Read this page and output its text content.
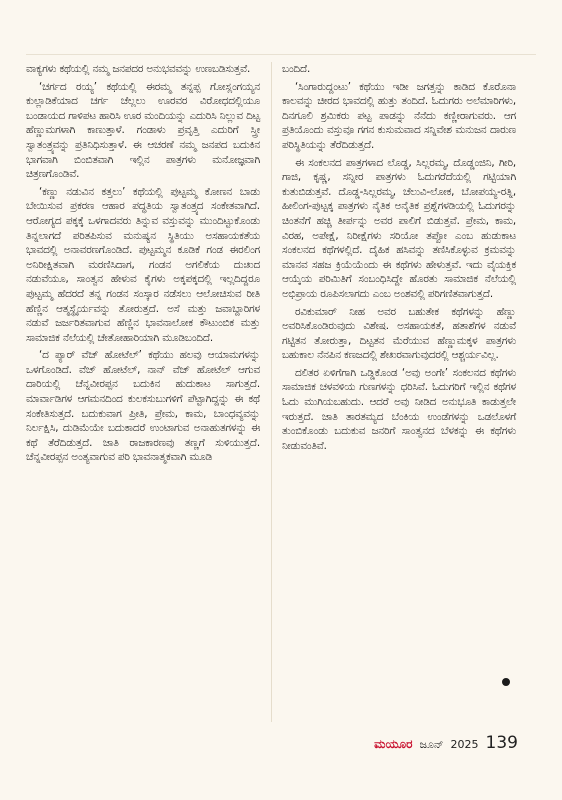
ವಾಕ್ಯಗಳು ಕಥೆಯಲ್ಲಿ ನಮ್ಮ ಜನಪದರ ಅನುಭವವನ್ನು ಉಣಬಡಿಸುತ್ತವೆ.

‘ಚರ್ಗದ ರಯ್ಯ’ ಕಥೆಯಲ್ಲಿ ಈರಮ್ಮ ತನ್ನಪ್ಪ ಗೋಸ್ಲಂಗಯ್ಯನ ಕುಲ್ಲಾಡಿಕೆಯಾದ ಚರ್ಗ ಚೆಲ್ಲಲು ಊರವರ ವಿರೋಧದಲ್ಲಿಯೂ ಬಂಡಾಯದ ಗಾಳಿಪಟ ಹಾರಿಸಿ ಊರ ಮಂದಿಯನ್ನು ಎದುರಿಸಿ ನಿಲ್ಲುವ ದಿಟ್ಟ ಹೆಣ್ಣುಮಗಳಾಗಿ ಕಾಣುತ್ತಾಳೆ. ಗಂಡಾಳು ಪ್ರವೃತ್ತಿ ಎದುರಿಗೆ ಸ್ತ್ರೀ ಸ್ವಾತಂತ್ರ್ಯವನ್ನು ಪ್ರತಿನಿಧಿಸುತ್ತಾಳೆ. ಈ ಆಚರಣೆ ನಮ್ಮ ಜನಪದ ಬದುಕಿನ ಭಾಗವಾಗಿ ಬಿಂಬಿತವಾಗಿ ಇಲ್ಲಿನ ಪಾತ್ರಗಳು ಮನೋಜ್ಞವಾಗಿ ಚಿತ್ರಣಗೊಂಡಿವೆ.

‘ಕಣ್ಣು ನಡುವಿನ ಕತ್ತಲು’ ಕಥೆಯಲ್ಲಿ ಪುಟ್ಟಮ್ಮ ಕೋಣನ ಬಾಡು ಬೇಯಿಸುವ ಪ್ರಕರಣ ಆಹಾರ ಪದ್ಧತಿಯ ಸ್ವಾತಂತ್ರ್ಯದ ಸಂಕೇತವಾಗಿದೆ. ಆರೋಗ್ಯದ ಪಕ್ಕಕ್ಕೆ ಒಳಗಾದವರು ತಿನ್ನುವ ವಸ್ತುವನ್ನು ಮುಂದಿಟ್ಟುಕೊಂಡು ತಿನ್ನಲಾಗದೆ ಪರಿತಪಿಸುವ ಮನುಷ್ಯನ ಸ್ಥಿತಿಯು ಅಸಹಾಯಕತೆಯ ಭಾವದಲ್ಲಿ ಅನಾವರಣಗೊಂಡಿದೆ. ಪುಟ್ಟಮ್ಮನ ಕೂಡಿಕೆ ಗಂಡ ಈರಲಿಂಗ ಅನಿರೀಕ್ಷಿತವಾಗಿ ಮರಣಿಸಿದಾಗ, ಗಂಡನ ಅಗಲಿಕೆಯ ದುಃಖದ ನಡುವೆಯೂ, ಸಾಂತ್ವನ ಹೇಳುವ ಕೈಗಳು ಅಕ್ಕಪಕ್ಕದಲ್ಲಿ ಇಲ್ಲದಿದ್ದರೂ ಪುಟ್ಟಮ್ಮ ಹೆದರದೆ ತನ್ನ ಗಂಡನ ಸಂಸ್ಕಾರ ನಡೆಸಲು ಆಲೋಚಿಸುವ ರೀತಿ ಹೆಣ್ಣಿನ ಆತ್ಮಸ್ಥೈರ್ಯವನ್ನು ತೋರುತ್ತದೆ. ಅಸೆ ಮತ್ತು ಜವಾಬ್ದಾರಿಗಳ ನಡುವೆ ಜರ್ಜರಿತವಾಗುವ ಹೆಣ್ಣಿನ ಭಾವನಾಲೋಕ ಕೌಟುಂಬಿಕ ಮತ್ತು ಸಾಮಾಜಿಕ ನೆಲೆಯಲ್ಲಿ ಚೇತೋಹಾರಿಯಾಗಿ ಮೂಡಿಬಂದಿದೆ.

‘ದ ಪ್ಯಾರ್ ವೆಜ್ ಹೋಟೆಲ್’ ಕಥೆಯು ಹಲವು ಆಯಾಮಗಳನ್ನು ಒಳಗೊಂಡಿದೆ. ವೆಜ್ ಹೋಟೆಲ್, ನಾನ್ ವೆಜ್ ಹೋಟೆಲ್ ಆಗುವ ದಾರಿಯಲ್ಲಿ ಚೆನ್ನವೀರಪ್ಪನ ಬದುಕಿನ ಹುದುಕಾಟ ಸಾಗುತ್ತದೆ. ಮಾರ್ವಾಡಿಗಳ ಆಗಮನದಿಂದ ಕುಲಕಸುಬುಗಳಿಗೆ ಪೆಟ್ಟಾಗಿದ್ದನ್ನು ಈ ಕಥೆ ಸಂಕೇತಿಸುತ್ತದೆ. ಬದುಕುವಾಗ ಪ್ರೀತಿ, ಪ್ರೇಮ, ಕಾಮ, ಬಾಂಧವ್ಯವನ್ನು ನಿರ್ಲಕ್ಷಿಸಿ, ದುಡಿಮೆಯೇ ಬದುಕಾದರೆ ಉಂಟಾಗುವ ಅನಾಹುತಗಳನ್ನು ಈ ಕಥೆ ತೆರೆದಿಡುತ್ತದೆ. ಜಾತಿ ರಾಜಕಾರಣವು ತಣ್ಣಗೆ ಸುಳಿಯುತ್ತದೆ. ಚೆನ್ನವೀರಪ್ಪನ ಅಂತ್ಯವಾಗುವ ಪರಿ ಭಾವನಾತ್ಮಕವಾಗಿ ಮೂಡಿ

ಬಂದಿದೆ.

‘ಸಿಂಗಾರುದ್ದಂಟು’ ಕಥೆಯು ಇಡೀ ಜಗತ್ತನ್ನು ಕಾಡಿದ ಕೊರೊನಾ ಕಾಲವನ್ನು ಚೀರದ ಭಾವದಲ್ಲಿ ಹುತ್ತು ತಂದಿದೆ. ಓದುಗರು ಅಲೆಮಾರಿಗಳು, ದಿನಗೂಲಿ ಶ್ರಮಿಕರು ಪಟ್ಟ ಪಾಡನ್ನು ನೆನೆದು ಕಣ್ಣೀರಾಗುವರು. ಆಗ ಪ್ರತಿಯೊಂದು ವಸ್ತುವೂ ಗಗನ ಕುಸುಮವಾದ ಸನ್ನಿವೇಶ ಮನುಜನ ದಾರುಣ ಪರಿಸ್ಥಿತಿಯನ್ನು ತೆರೆದಿಡುತ್ತದೆ.

ಈ ಸಂಕಲನದ ಪಾತ್ರಗಳಾದ ಲೊಡ್ಡ, ಸಿಲ್ಲರಮ್ಮ, ದೊಡ್ಡಂಜಿನಿ, ಗೀರಿ, ಗಾಜಿ, ಕೃಷ್ಣ, ಸನ್ನೀರ ಪಾತ್ರಗಳು ಓದುಗರೆದೆಯಲ್ಲಿ ಗಟ್ಟಿಯಾಗಿ ಕುತುಬಿಡುತ್ತವೆ. ದೊಡ್ಡ-ಸಿಲ್ಲರಮ್ಮ, ಚೆಲುವಿ-ಲೋಕ, ಬೋಪಯ್ಯ-ರತ್ನಿ, ಹೀಲಿಂಗ-ಪುಟ್ಟಕ್ಕ ಪಾತ್ರಗಳು ನೈತಿಕ ಅನೈತಿಕ ಪ್ರಶ್ನೆಗಳಡಿಯಲ್ಲಿ ಓದುಗರನ್ನು ಚಿಂತನೆಗೆ ಹಚ್ಚಿ ತೀರ್ಪನ್ನು ಅವರ ಪಾಲಿಗೆ ಬಿಡುತ್ತವೆ. ಪ್ರೇಮ, ಕಾಮ, ವಿರಹ, ಅಪೇಕ್ಷೆ, ನಿರೀಕ್ಷೆಗಳು ಸರಿಯೋ ತಪ್ಪೋ ಎಂಬ ಹುಡುಕಾಟ ಸಂಕಲನದ ಕಥೆಗಳಲ್ಲಿದೆ. ದೈಹಿಕ ಹಸಿವನ್ನು ತಣಿಸಿಕೊಳ್ಳುವ ಕ್ರಮವನ್ನು ಮಾನವ ಸಹಜ ಕ್ರಿಯೆಯೆಂದು ಈ ಕಥೆಗಳು ಹೇಳುತ್ತವೆ. ಇದು ವೈಯಕ್ತಿಕ ಆಯ್ಕೆಯ ಪರಿಮಿತಿಗೆ ಸಂಬಂಧಿಸಿದ್ದೇ ಹೊರತು ಸಾಮಾಜಿಕ ನೆಲೆಯಲ್ಲಿ ಅಭಿಪ್ರಾಯ ರೂಪಿಸಲಾಗದು ಎಂಬ ಅಂಶವಲ್ಲಿ ಪರಿಗಣಿತವಾಗುತ್ತದೆ.

ರವಿಕುಮಾರ್ ನೀಹ ಅವರ ಬಹುತೇಕ ಕಥೆಗಳನ್ನು ಹೆಣ್ಣು ಅವರಿಸಿಕೊಂಡಿರುವುದು ವಿಶೇಷ. ಅಸಹಾಯಕತೆ, ಹತಾಶೆಗಳ ನಡುವೆ ಗಟ್ಟಿತನ ತೋರುತ್ತಾ, ದಿಟ್ಟತನ ಮೆರೆಯುವ ಹೆಣ್ಣುಮಕ್ಕಳ ಪಾತ್ರಗಳು ಬಹುಕಾಲ ನೆನಪಿನ ಕಣಜದಲ್ಲಿ ಶೇಖರವಾಗುವುದರಲ್ಲಿ ಆಶ್ಚರ್ಯವಿಲ್ಲ.

ದಲಿತರ ಏಳಿಗೆಗಾಗಿ ಒಡ್ಡಿಕೊಂಡ ‘ಅವು ಅಂಗೇ’ ಸಂಕಲನದ ಕಥೆಗಳು ಸಾಮಾಜಿಕ ಚಳವಳಿಯ ಗುಣಗಳನ್ನು ಧರಿಸಿವೆ. ಓದುಗರಿಗೆ ಇಲ್ಲಿನ ಕಥೆಗಳ ಓದು ಮುಗಿಯಬಹುದು. ಆದರೆ ಅವು ನೀಡಿದ ಅನುಭೂತಿ ಕಾಡುತ್ತಲೇ ಇರುತ್ತದೆ. ಜಾತಿ ತಾರತಮ್ಯದ ಬೆಂಕಿಯ ಉಂಡೆಗಳನ್ನು ಒಡಲೊಳಗೆ ತುಂಬಿಕೊಂಡು ಬದುಕುವ ಜನರಿಗೆ ಸಾಂತ್ವನದ ಬೆಳಕನ್ನು ಈ ಕಥೆಗಳು ನೀಡುವಂತಿವೆ.

ಮಯೂರ ಜೂನ್ 2025 139
